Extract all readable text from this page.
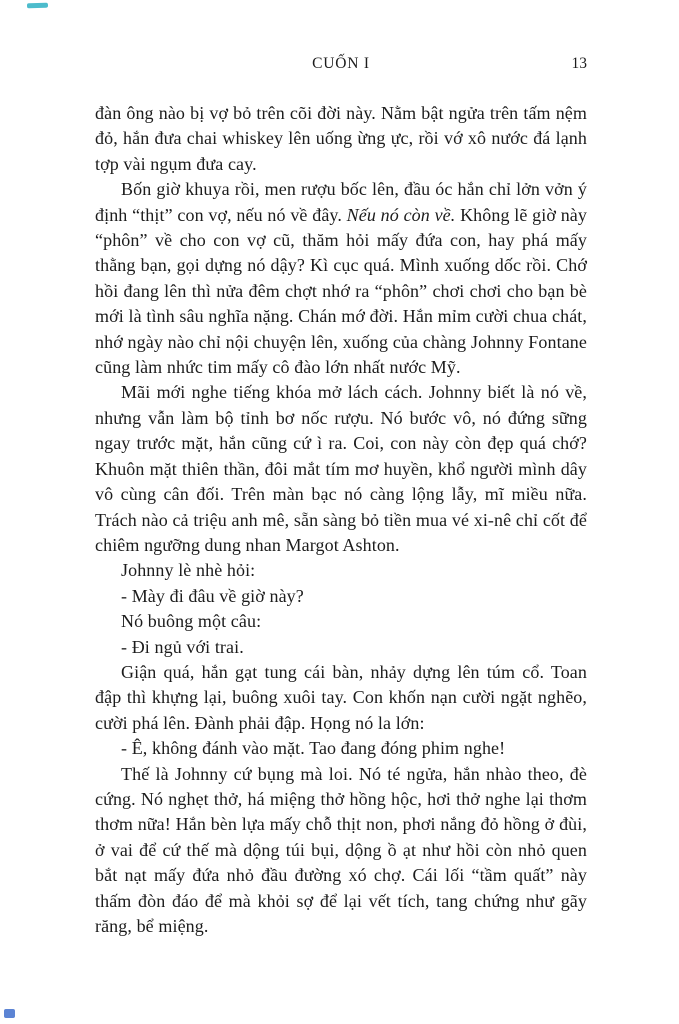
CUỐN I	13

đàn ông nào bị vợ bỏ trên cõi đời này. Nằm bật ngửa trên tấm nệm đỏ, hắn đưa chai whiskey lên uống ừng ực, rồi vớ xô nước đá lạnh tợp vài ngụm đưa cay.

Bốn giờ khuya rồi, men rượu bốc lên, đầu óc hắn chỉ lởn vởn ý định “thịt” con vợ, nếu nó về đây. Nếu nó còn về. Không lẽ giờ này “phôn” về cho con vợ cũ, thăm hỏi mấy đứa con, hay phá mấy thằng bạn, gọi dựng nó dậy? Kì cục quá. Mình xuống dốc rồi. Chớ hồi đang lên thì nửa đêm chợt nhớ ra “phôn” chơi chơi cho bạn bè mới là tình sâu nghĩa nặng. Chán mớ đời. Hắn mỉm cười chua chát, nhớ ngày nào chỉ nội chuyện lên, xuống của chàng Johnny Fontane cũng làm nhức tim mấy cô đào lớn nhất nước Mỹ.

Mãi mới nghe tiếng khóa mở lách cách. Johnny biết là nó về, nhưng vẫn làm bộ tỉnh bơ nốc rượu. Nó bước vô, nó đứng sững ngay trước mặt, hắn cũng cứ ì ra. Coi, con này còn đẹp quá chớ? Khuôn mặt thiên thần, đôi mắt tím mơ huyền, khổ người mình dây vô cùng cân đối. Trên màn bạc nó càng lộng lẫy, mĩ miều nữa. Trách nào cả triệu anh mê, sẵn sàng bỏ tiền mua vé xi-nê chỉ cốt để chiêm ngưỡng dung nhan Margot Ashton.

Johnny lè nhè hỏi:

- Mày đi đâu về giờ này?

Nó buông một câu:

- Đi ngủ với trai.

Giận quá, hắn gạt tung cái bàn, nhảy dựng lên túm cổ. Toan đập thì khựng lại, buông xuôi tay. Con khốn nạn cười ngặt nghẽo, cười phá lên. Đành phải đập. Họng nó la lớn:

- Ê, không đánh vào mặt. Tao đang đóng phim nghe!

Thế là Johnny cứ bụng mà loi. Nó té ngửa, hắn nhào theo, đè cứng. Nó nghẹt thở, há miệng thở hồng hộc, hơi thở nghe lại thơm thơm nữa! Hắn bèn lựa mấy chỗ thịt non, phơi nắng đỏ hồng ở đùi, ở vai để cứ thế mà dộng túi bụi, dộng ồ ạt như hồi còn nhỏ quen bắt nạt mấy đứa nhỏ đầu đường xó chợ. Cái lối “tầm quất” này thấm đòn đáo để mà khỏi sợ để lại vết tích, tang chứng như gãy răng, bể miệng.
